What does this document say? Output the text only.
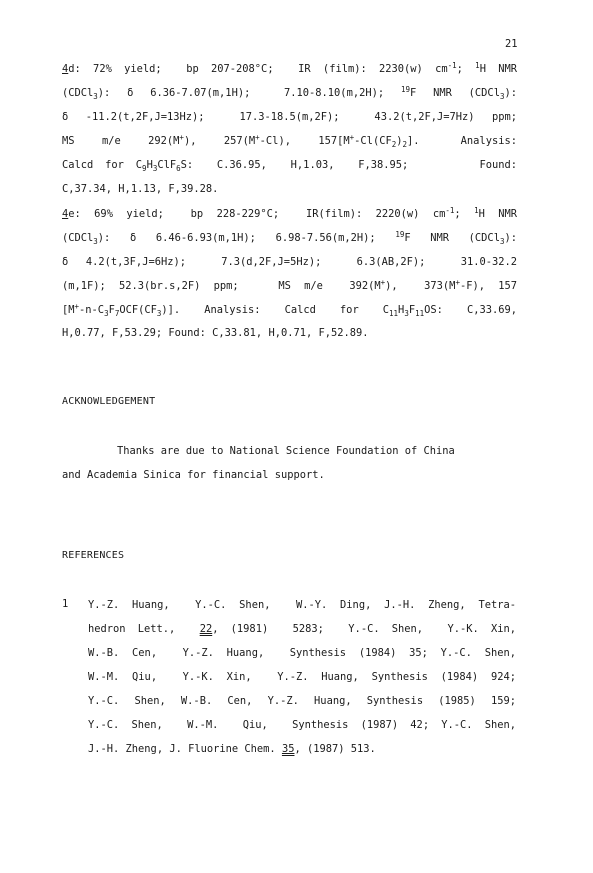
21
4d: 72% yield;  bp 207-208°C;  IR (film): 2230(w) $cm^{-1}$; $^1$H NMR
(CDCl$_3$): δ 6.36-7.07(m,1H);  7.10-8.10(m,2H); $^{19}$F NMR (CDCl$_3$):
δ -11.2(t,2F,J=13Hz);  17.3-18.5(m,2F);  43.2(t,2F,J=7Hz) ppm;
MS  m/e  292(M+),  257(M+-Cl),  $157[M^+-Cl(CF_2)_2]$.   Analysis:
Calcd for $C_9H_3ClF_6S$:  C.36.95,  H,1.03,  F,38.95;      Found:
C,37.34, H,1.13, F,39.28.
4e: 69% yield;  bp 228-229°C;  IR(film): 2220(w) $cm^{-1}$; $^1$H NMR
(CDCl$_3$): δ 6.46-6.93(m,1H); 6.98-7.56(m,2H); $^{19}$F NMR (CDCl$_3$):
δ 4.2(t,3F,J=6Hz);  7.3(d,2F,J=5Hz);  6.3(AB,2F);  31.0-32.2
(m,1F); 52.3(br.s,2F) ppm;   MS m/e  392(M+),  373(M+-F), 157
$[M^+-n-C_3F_7OCF(CF_3)]$. Analysis: Calcd for $C_{11}H_3F_{11}OS$: C,33.69,
H,0.77, F,53.29; Found: C,33.81, H,0.71, F,52.89.
ACKNOWLEDGEMENT
Thanks are due to National Science Foundation of China
and Academia Sinica for financial support.
REFERENCES
1 Y.-Z. Huang,  Y.-C. Shen,  W.-Y. Ding, J.-H. Zheng, Tetra-
hedron Lett.,  22, (1981)  5283;  Y.-C. Shen,  Y.-K. Xin,
W.-B. Cen,  Y.-Z. Huang,  Synthesis (1984) 35; Y.-C. Shen,
W.-M. Qiu,  Y.-K. Xin,  Y.-Z. Huang, Synthesis (1984) 924;
Y.-C. Shen, W.-B. Cen, Y.-Z. Huang, Synthesis (1985) 159;
Y.-C. Shen,  W.-M.  Qiu,  Synthesis (1987) 42; Y.-C. Shen,
J.-H. Zheng, J. Fluorine Chem. 35, (1987) 513.
